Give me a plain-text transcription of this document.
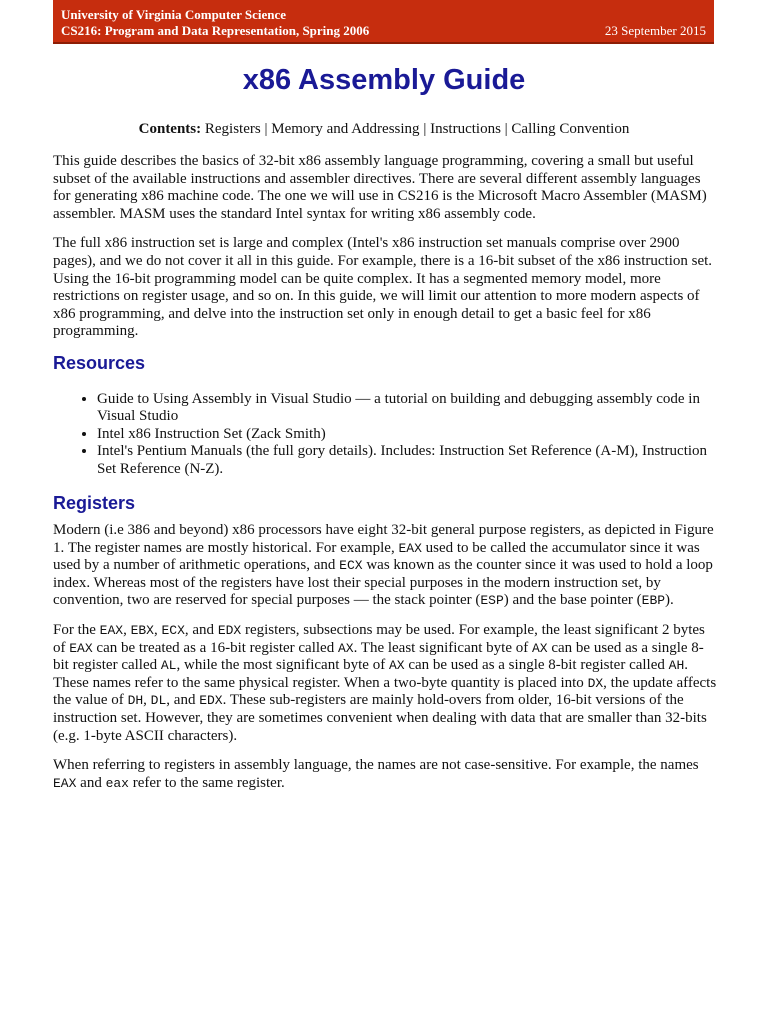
University of Virginia Computer Science
CS216: Program and Data Representation, Spring 2006	23 September 2015
x86 Assembly Guide
Contents: Registers | Memory and Addressing | Instructions | Calling Convention

This guide describes the basics of 32-bit x86 assembly language programming, covering a small but useful subset of the available instructions and assembler directives. There are several different assembly languages for generating x86 machine code. The one we will use in CS216 is the Microsoft Macro Assembler (MASM) assembler. MASM uses the standard Intel syntax for writing x86 assembly code.

The full x86 instruction set is large and complex (Intel's x86 instruction set manuals comprise over 2900 pages), and we do not cover it all in this guide. For example, there is a 16-bit subset of the x86 instruction set. Using the 16-bit programming model can be quite complex. It has a segmented memory model, more restrictions on register usage, and so on. In this guide, we will limit our attention to more modern aspects of x86 programming, and delve into the instruction set only in enough detail to get a basic feel for x86 programming.

Resources
• Guide to Using Assembly in Visual Studio — a tutorial on building and debugging assembly code in Visual Studio
• Intel x86 Instruction Set (Zack Smith)
• Intel's Pentium Manuals (the full gory details). Includes: Instruction Set Reference (A-M), Instruction Set Reference (N-Z).
Registers

Modern (i.e 386 and beyond) x86 processors have eight 32-bit general purpose registers, as depicted in Figure 1. The register names are mostly historical. For example, EAX used to be called the accumulator since it was used by a number of arithmetic operations, and ECX was known as the counter since it was used to hold a loop index. Whereas most of the registers have lost their special purposes in the modern instruction set, by convention, two are reserved for special purposes — the stack pointer (ESP) and the base pointer (EBP).

For the EAX, EBX, ECX, and EDX registers, subsections may be used. For example, the least significant 2 bytes of EAX can be treated as a 16-bit register called AX. The least significant byte of AX can be used as a single 8-bit register called AL, while the most significant byte of AX can be used as a single 8-bit register called AH. These names refer to the same physical register. When a two-byte quantity is placed into DX, the update affects the value of DH, DL, and EDX. These sub-registers are mainly hold-overs from older, 16-bit versions of the instruction set. However, they are sometimes convenient when dealing with data that are smaller than 32-bits (e.g. 1-byte ASCII characters).

When referring to registers in assembly language, the names are not case-sensitive. For example, the names EAX and eax refer to the same register.
